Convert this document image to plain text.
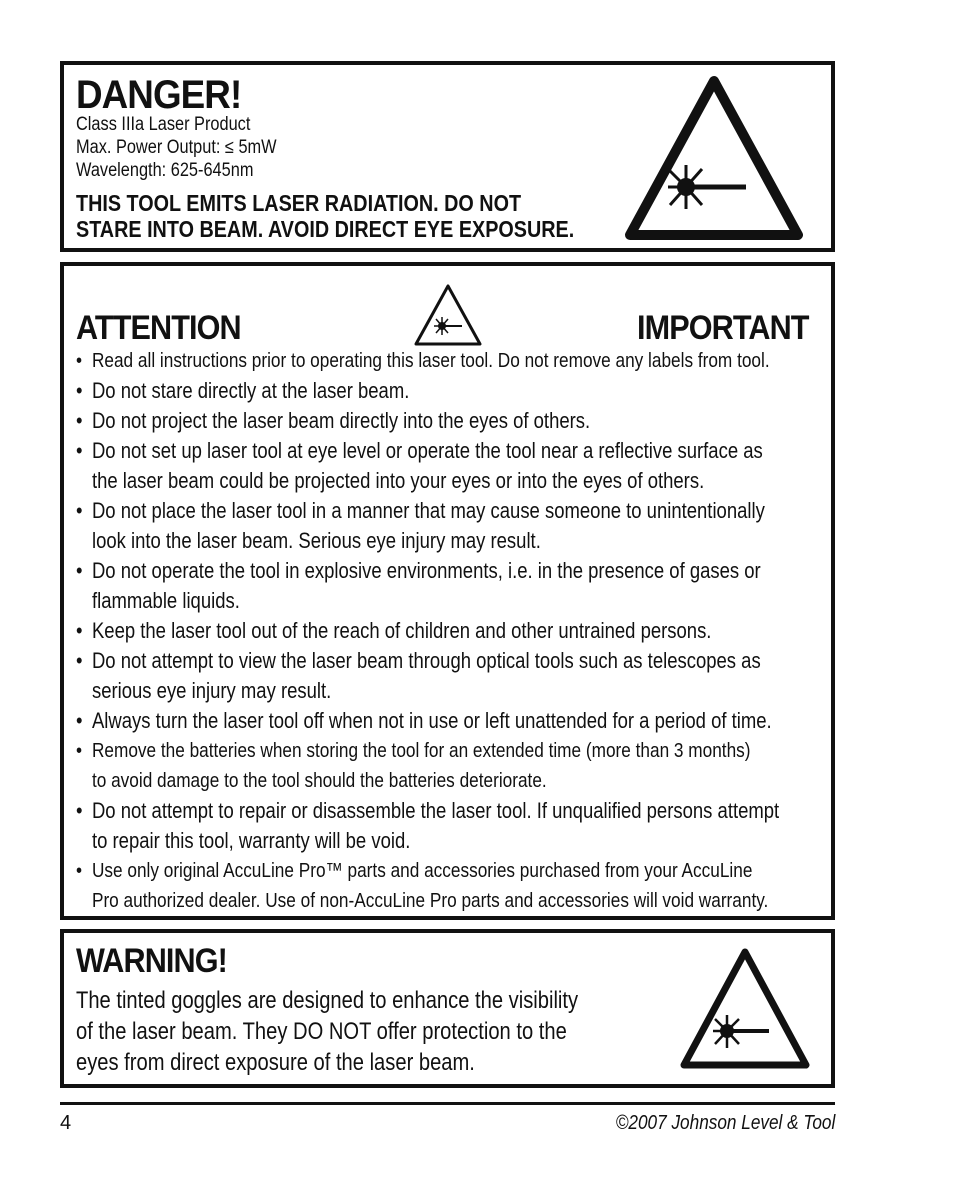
DANGER!
Class IIIa Laser Product
Max. Power Output: ≤ 5mW
Wavelength: 625-645nm
THIS TOOL EMITS LASER RADIATION. DO NOT
STARE INTO BEAM. AVOID DIRECT EYE EXPOSURE.
ATTENTION	IMPORTANT
• Read all instructions prior to operating this laser tool. Do not remove any labels from tool.
• Do not stare directly at the laser beam.
• Do not project the laser beam directly into the eyes of others.
• Do not set up laser tool at eye level or operate the tool near a reflective surface as
the laser beam could be projected into your eyes or into the eyes of others.
• Do not place the laser tool in a manner that may cause someone to unintentionally
look into the laser beam. Serious eye injury may result.
• Do not operate the tool in explosive environments, i.e. in the presence of gases or
flammable liquids.
• Keep the laser tool out of the reach of children and other untrained persons.
• Do not attempt to view the laser beam through optical tools such as telescopes as
serious eye injury may result.
• Always turn the laser tool off when not in use or left unattended for a period of time.
• Remove the batteries when storing the tool for an extended time (more than 3 months)
to avoid damage to the tool should the batteries deteriorate.
• Do not attempt to repair or disassemble the laser tool. If unqualified persons attempt
to repair this tool, warranty will be void.
• Use only original AccuLine Pro™ parts and accessories purchased from your AccuLine
Pro authorized dealer. Use of non-AccuLine Pro parts and accessories will void warranty.
WARNING!
The tinted goggles are designed to enhance the visibility
of the laser beam. They DO NOT offer protection to the
eyes from direct exposure of the laser beam.
4	©2007 Johnson Level & Tool
